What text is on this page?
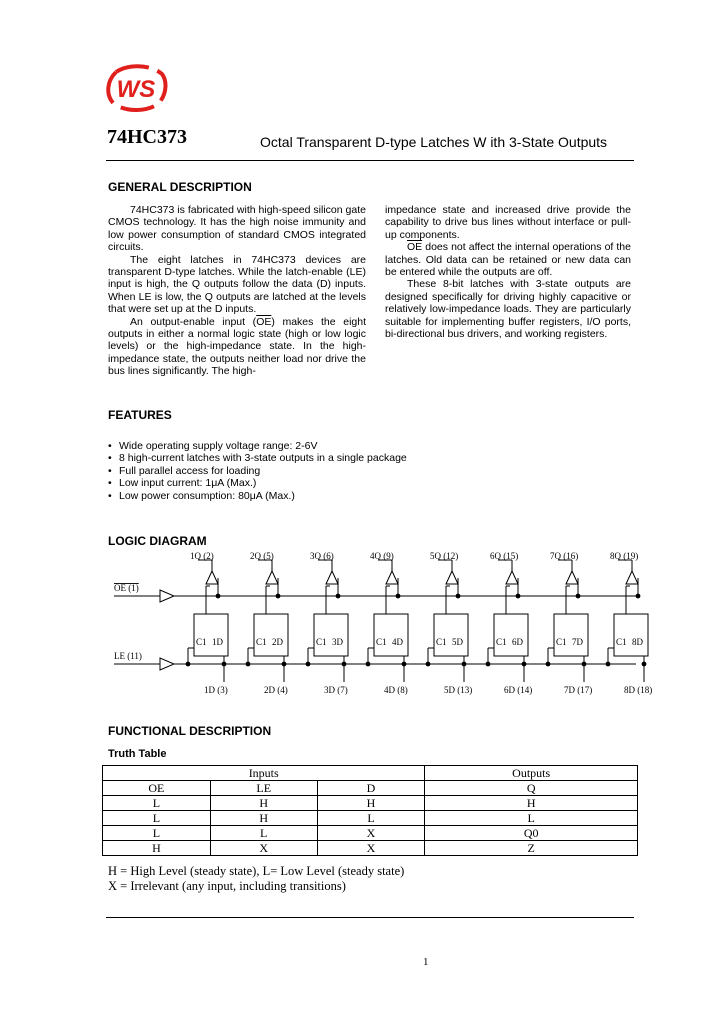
WS
74HC373	Octal Transparent D-type Latches W ith 3-State Outputs
GENERAL DESCRIPTION

74HC373 is fabricated with high-speed silicon gate CMOS technology. It has the high noise immunity and low power consumption of standard CMOS integrated circuits.

The eight latches in 74HC373 devices are transparent D-type latches. While the latch-enable (LE) input is high, the Q outputs follow the data (D) inputs. When LE is low, the Q outputs are latched at the levels that were set up at the D inputs.

An output-enable input $(\overline{OE})$ makes the eight outputs in either a normal logic state (high or low logic levels) or the high-impedance state. In the high-impedance state, the outputs neither load nor drive the bus lines significantly. The high-

impedance state and increased drive provide the capability to drive bus lines without interface or pull-up components.

$\overline{OE}$ does not affect the internal operations of the latches. Old data can be retained or new data can be entered while the outputs are off.

These 8-bit latches with 3-state outputs are designed specifically for driving highly capacitive or relatively low-impedance loads. They are particularly suitable for implementing buffer registers, I/O ports, bi-directional bus drivers, and working registers.

FEATURES
• Wide operating supply voltage range: 2-6V
• 8 high-current latches with 3-state outputs in a single package
• Full parallel access for loading
• Low input current: 1μA (Max.)
• Low power consumption: 80μA (Max.)
LOGIC DIAGRAM
OE (1)
LE (11)
C1 1D
1D (3)
1Q (2)
C1 2D
2D (4)
2Q (5)
C1 3D
3D (7)
3Q (6)
C1 4D
4D (8)
4Q (9)
C1 5D
5D (13)
5Q (12)
C1 6D
6D (14)
6Q (15)
C1 7D
7D (17)
7Q (16)
C1 8D
8D (18)
8Q (19)
FUNCTIONAL DESCRIPTION
Truth Table
Inputs			Outputs
$\overline{OE}$	LE	D	Q
L	H	H	H
L	H	L	L
L	L	X	Q0
H	X	X	Z
H = High Level (steady state), L= Low Level (steady state)
X = Irrelevant (any input, including transitions)
1
